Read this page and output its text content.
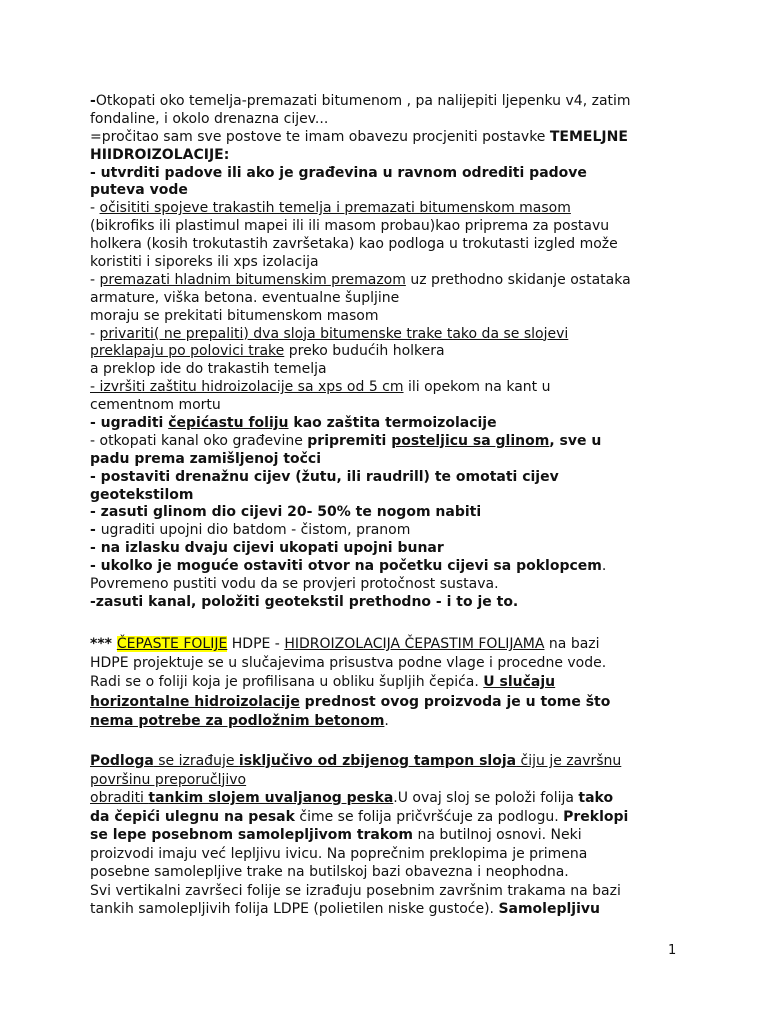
-Otkopati oko temelja-premazati bitumenom , pa nalijepiti ljepenku v4, zatim
fondaline, i okolo drenazna cijev...
=pročitao sam sve postove te imam obavezu procjeniti postavke TEMELJNE
HIIDROIZOLACIJE:
- utvrditi padove ili ako je građevina u ravnom odrediti padove
puteva vode
- očisititi spojeve trakastih temelja i premazati bitumenskom masom
(bikrofiks ili plastimul mapei ili ili masom probau)kao pripremа za postavu
holkera (kosih trokutastih završetaka) kao podloga u trokutasti izgled može
koristiti i siporeks ili xps izolacija
- premazati hladnim bitumenskim premazom uz prethodno skidanje ostataka
armature, viška betona. eventualne šupljine
moraju se prekitati bitumenskom masom
- privariti( ne prepaliti) dva sloja bitumenske trake tako da se slojevi
preklapaju po polovici trake preko budućih holkera
a preklop ide do trakastih temelja
- izvršiti zaštitu hidroizolacije sa xps od 5 cm ili opekom na kant u
cementnom mortu
- ugraditi čepićastu foliju kao zaštita termoizolacije
- otkopati kanal oko građevine pripremiti posteljicu sa glinom, sve u
padu prema zamišljenoj točci
- postaviti drenažnu cijev (žutu, ili raudrill) te omotati cijev
geotekstilom
- zasuti glinom dio cijevi 20- 50% te nogom nabiti
- ugraditi upojni dio batdom - čistom, pranom
- na izlasku dvaju cijevi ukopati upojni bunar
- ukolko je moguće ostaviti otvor na početku cijevi sa poklopcem.
Povremeno pustiti vodu da se provjeri protočnost sustava.
-zasuti kanal, položiti geotekstil prethodno - i to je to.
*** ČEPASTE FOLIJE HDPE - HIDROIZOLACIJA ČEPASTIM FOLIJAMA na bazi
HDPE projektuje se u slučajevima prisustva podne vlage i procedne vode.
Radi se o foliji koja je profilisana u obliku šupljih čepića. U slučaju
horizontalne hidroizolacije prednost ovog proizvoda je u tome što
nema potrebe za podložnim betonom.
Podloga se izrađuje isključivo od zbijenog tampon sloja čiju je završnu
površinu preporučljivo
obraditi tankim slojem uvaljanog peska.U ovaj sloj se položi folija tako
da čepići ulegnu na pesak čime se folija pričvršćuje za podlogu. Preklopi
se lepe posebnom samolepljivom trakom na butilnoj osnovi. Neki
proizvodi imaju već lepljivu ivicu. Na poprečnim preklopima je primena
posebne samolepljive trake na butilskoj bazi obavezna i neophodna.
Svi vertikalni završeci folije se izrađuju posebnim završnim trakama na bazi
tankih samolepljivih folija LDPE (polietilen niske gustoće). Samolepljivu
1
